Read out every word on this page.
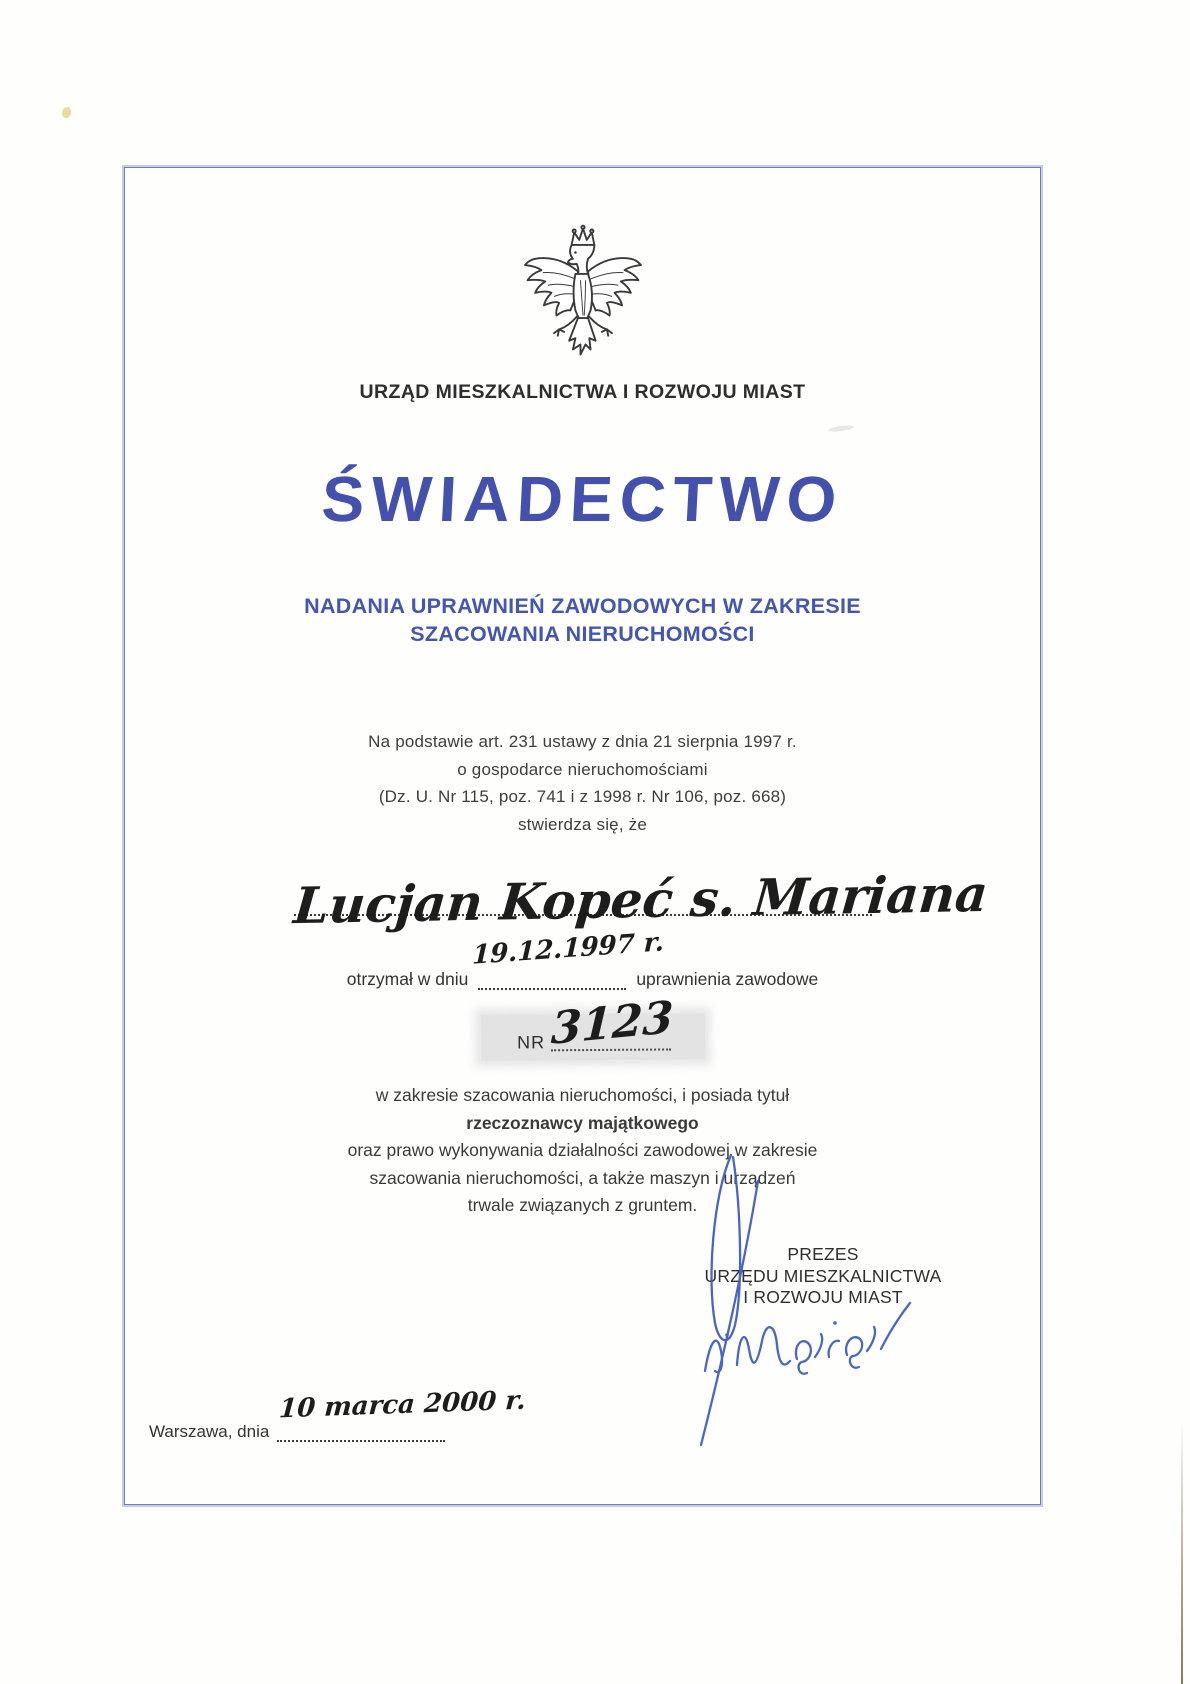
URZĄD MIESZKALNICTWA I ROZWOJU MIAST
ŚWIADECTWO
NADANIA UPRAWNIEŃ ZAWODOWYCH W ZAKRESIE
SZACOWANIA NIERUCHOMOŚCI
Na podstawie art. 231 ustawy z dnia 21 sierpnia 1997 r.
o gospodarce nieruchomościami
(Dz. U. Nr 115, poz. 741 i z 1998 r. Nr 106, poz. 668)
stwierdza się, że
Lucjan Kopeć s. Mariana
otrzymał w dniu
19.12.1997 r.
uprawnienia zawodowe
NR 3123
w zakresie szacowania nieruchomości, i posiada tytuł
rzeczoznawcy majątkowego
oraz prawo wykonywania działalności zawodowej w zakresie
szacowania nieruchomości, a także maszyn i urządzeń
trwale związanych z gruntem.
PREZES
URZĘDU MIESZKALNICTWA
I ROZWOJU MIAST
Warszawa, dnia
10 marca 2000 r.
